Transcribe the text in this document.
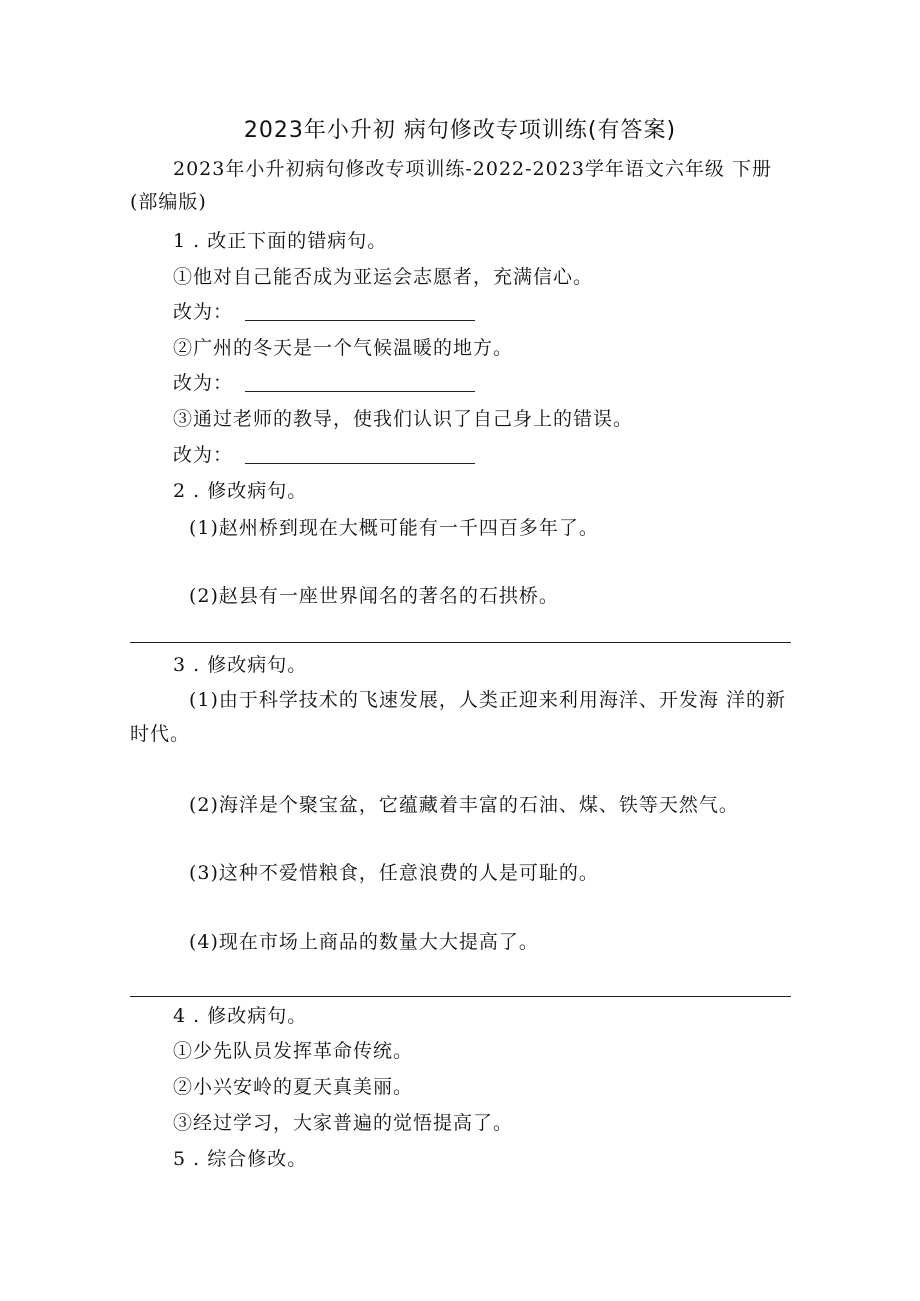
2023年小升初 病句修改专项训练(有答案)
2023年小升初病句修改专项训练-2022-2023学年语文六年级 下册
(部编版)
1 . 改正下面的错病句。
①他对自己能否成为亚运会志愿者，充满信心。
改为：
②广州的冬天是一个气候温暖的地方。
改为：
③通过老师的教导，使我们认识了自己身上的错误。
改为：
2 . 修改病句。
(1)赵州桥到现在大概可能有一千四百多年了。
(2)赵县有一座世界闻名的著名的石拱桥。
3 . 修改病句。
(1)由于科学技术的飞速发展，人类正迎来利用海洋、开发海 洋的新
时代。
(2)海洋是个聚宝盆，它蕴藏着丰富的石油、煤、铁等天然气。
(3)这种不爱惜粮食，任意浪费的人是可耻的。
(4)现在市场上商品的数量大大提高了。
4 . 修改病句。
①少先队员发挥革命传统。
②小兴安岭的夏天真美丽。
③经过学习，大家普遍的觉悟提高了。
5 . 综合修改。
